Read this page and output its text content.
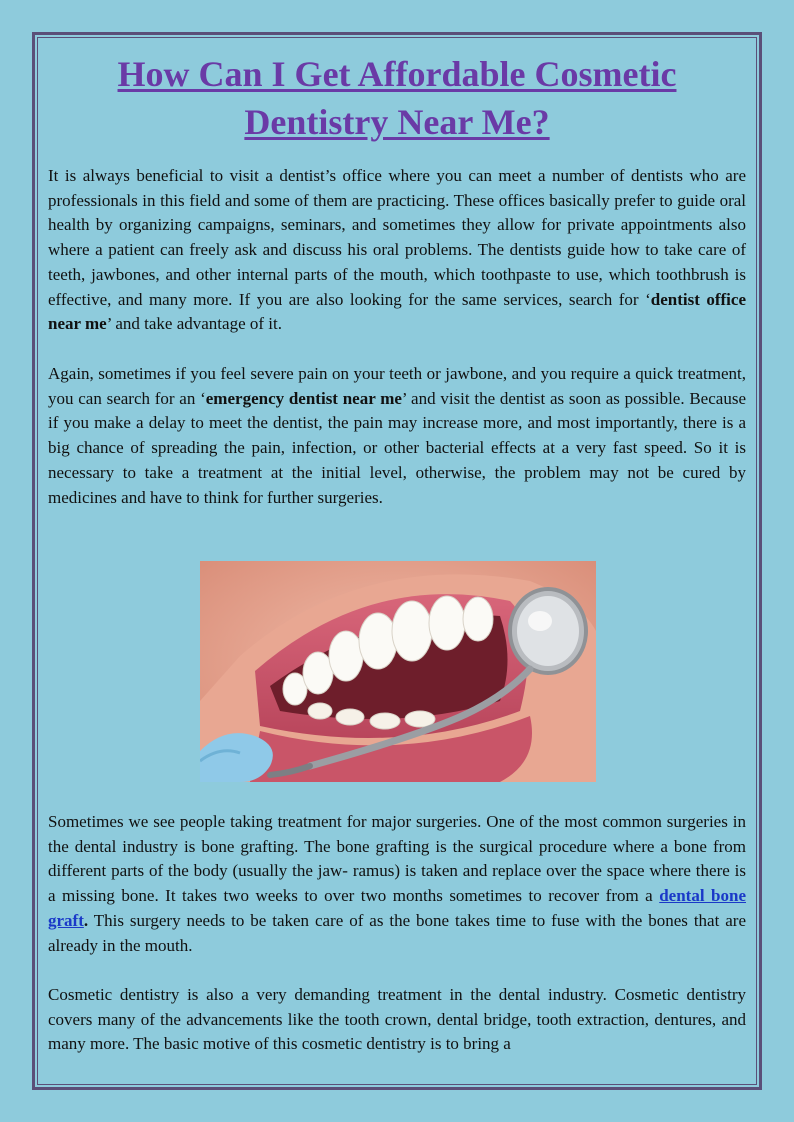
How Can I Get Affordable Cosmetic Dentistry Near Me?
It is always beneficial to visit a dentist’s office where you can meet a number of dentists who are professionals in this field and some of them are practicing. These offices basically prefer to guide oral health by organizing campaigns, seminars, and sometimes they allow for private appointments also where a patient can freely ask and discuss his oral problems. The dentists guide how to take care of teeth, jawbones, and other internal parts of the mouth, which toothpaste to use, which toothbrush is effective, and many more. If you are also looking for the same services, search for ‘dentist office near me’ and take advantage of it.
Again, sometimes if you feel severe pain on your teeth or jawbone, and you require a quick treatment, you can search for an ‘emergency dentist near me’ and visit the dentist as soon as possible. Because if you make a delay to meet the dentist, the pain may increase more, and most importantly, there is a big chance of spreading the pain, infection, or other bacterial effects at a very fast speed. So it is necessary to take a treatment at the initial level, otherwise, the problem may not be cured by medicines and have to think for further surgeries.
Sometimes we see people taking treatment for major surgeries. One of the most common surgeries in the dental industry is bone grafting. The bone grafting is the surgical procedure where a bone from different parts of the body (usually the jaw- ramus) is taken and replace over the space where there is a missing bone. It takes two weeks to over two months sometimes to recover from a dental bone graft. This surgery needs to be taken care of as the bone takes time to fuse with the bones that are already in the mouth.
Cosmetic dentistry is also a very demanding treatment in the dental industry. Cosmetic dentistry covers many of the advancements like the tooth crown, dental bridge, tooth extraction, dentures, and many more. The basic motive of this cosmetic dentistry is to bring a
